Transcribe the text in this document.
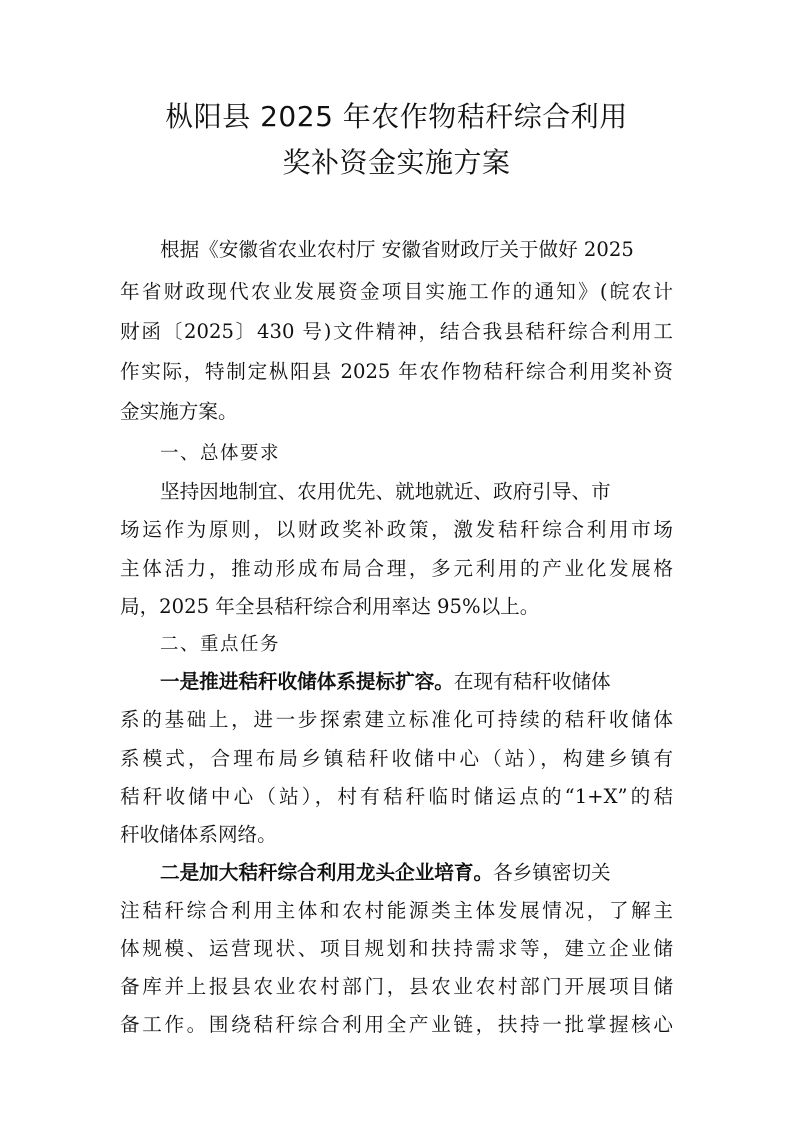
枞阳县 2025 年农作物秸秆综合利用
奖补资金实施方案
根据《安徽省农业农村厅 安徽省财政厅关于做好 2025
年省财政现代农业发展资金项目实施工作的通知》(皖农计
财函〔2025〕430 号)文件精神，结合我县秸秆综合利用工
作实际，特制定枞阳县 2025 年农作物秸秆综合利用奖补资
金实施方案。
一、总体要求
坚持因地制宜、农用优先、就地就近、政府引导、市
场运作为原则，以财政奖补政策，激发秸秆综合利用市场
主体活力，推动形成布局合理，多元利用的产业化发展格
局，2025 年全县秸秆综合利用率达 95%以上。
二、重点任务
一是推进秸秆收储体系提标扩容。在现有秸秆收储体
系的基础上，进一步探索建立标准化可持续的秸秆收储体
系模式，合理布局乡镇秸秆收储中心（站），构建乡镇有
秸秆收储中心（站），村有秸秆临时储运点的“1+X”的秸
秆收储体系网络。
二是加大秸秆综合利用龙头企业培育。各乡镇密切关
注秸秆综合利用主体和农村能源类主体发展情况，了解主
体规模、运营现状、项目规划和扶持需求等，建立企业储
备库并上报县农业农村部门，县农业农村部门开展项目储
备工作。围绕秸秆综合利用全产业链，扶持一批掌握核心
